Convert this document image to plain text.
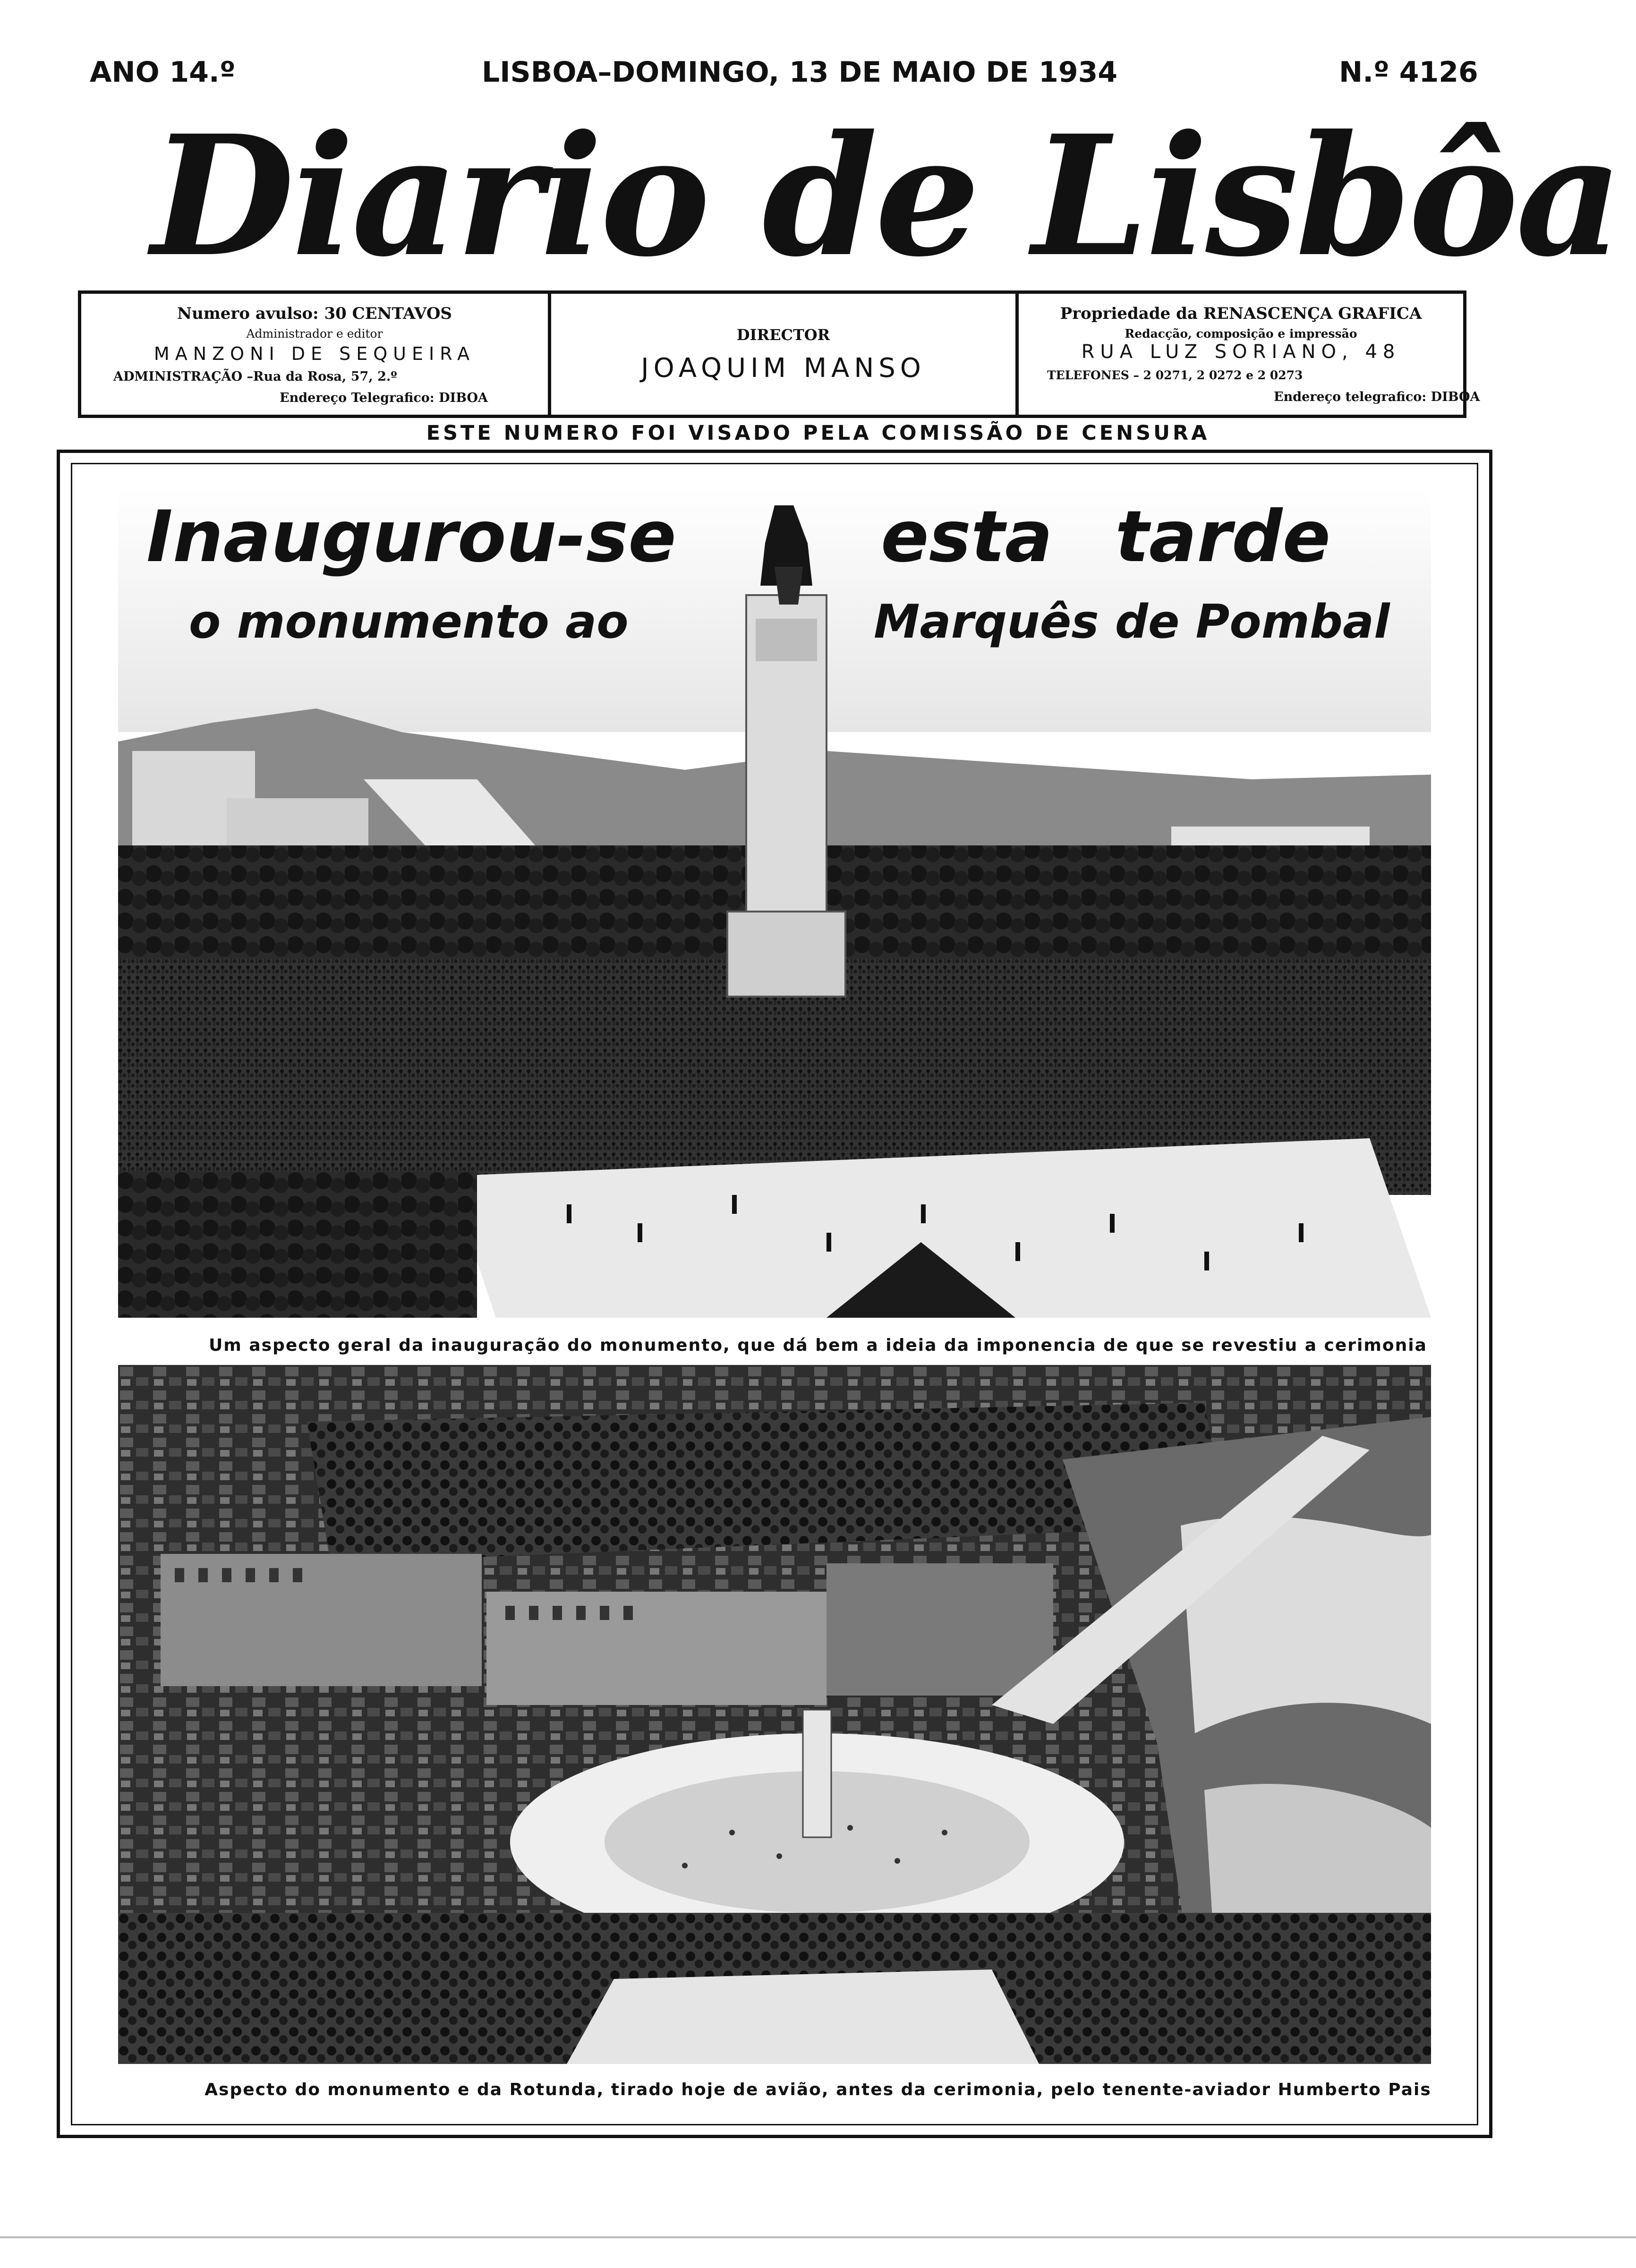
ANO 14.º	LISBOA–DOMINGO, 13 DE MAIO DE 1934	N.º 4126
Diario de Lisbôa
Numero avulso: 30 CENTAVOS
Administrador e editor
MANZONI DE SEQUEIRA
ADMINISTRAÇÃO –Rua da Rosa, 57, 2.º
Endereço Telegrafico: DIBOA
DIRECTOR
JOAQUIM MANSO
Propriedade da RENASCENÇA GRAFICA
Redacção, composição e impressão
RUA LUZ SORIANO, 48
TELEFONES – 2 0271, 2 0272 e 2 0273
Endereço telegrafico: DIBOA
ESTE NUMERO FOI VISADO PELA COMISSÃO DE CENSURA
Inaugurou-se
o monumento ao
esta tarde
Marquês de Pombal
Um aspecto geral da inauguração do monumento, que dá bem a ideia da imponencia de que se revestiu a cerimonia
Aspecto do monumento e da Rotunda, tirado hoje de avião, antes da cerimonia, pelo tenente-aviador Humberto Pais
